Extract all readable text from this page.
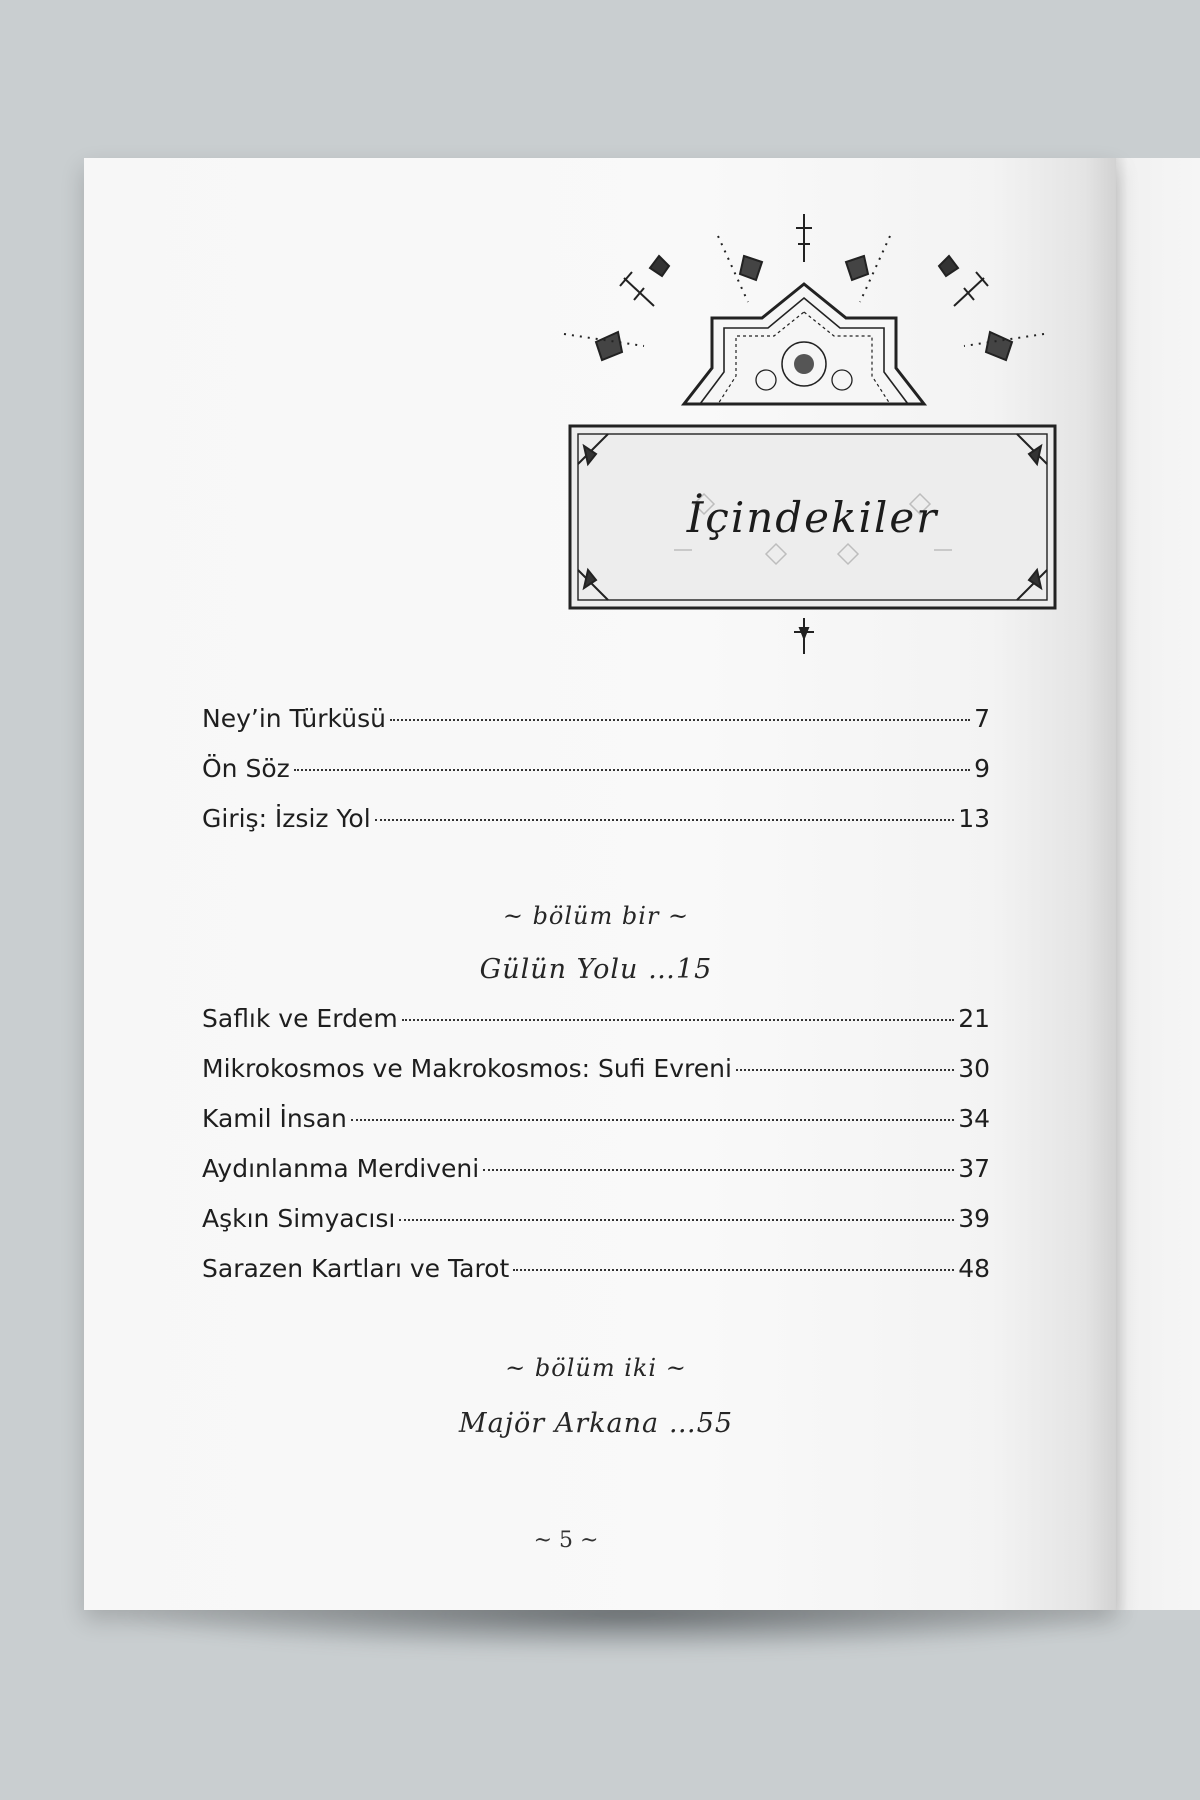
İçindekiler
Ney’in Türküsü	7
Ön Söz	9
Giriş: İzsiz Yol	13
~ bölüm bir ~
Gülün Yolu …15
Saflık ve Erdem	21
Mikrokosmos ve Makrokosmos: Sufi Evreni	30
Kamil İnsan	34
Aydınlanma Merdiveni	37
Aşkın Simyacısı	39
Sarazen Kartları ve Tarot	48
~ bölüm iki ~
Majör Arkana …55
~ 5 ~
